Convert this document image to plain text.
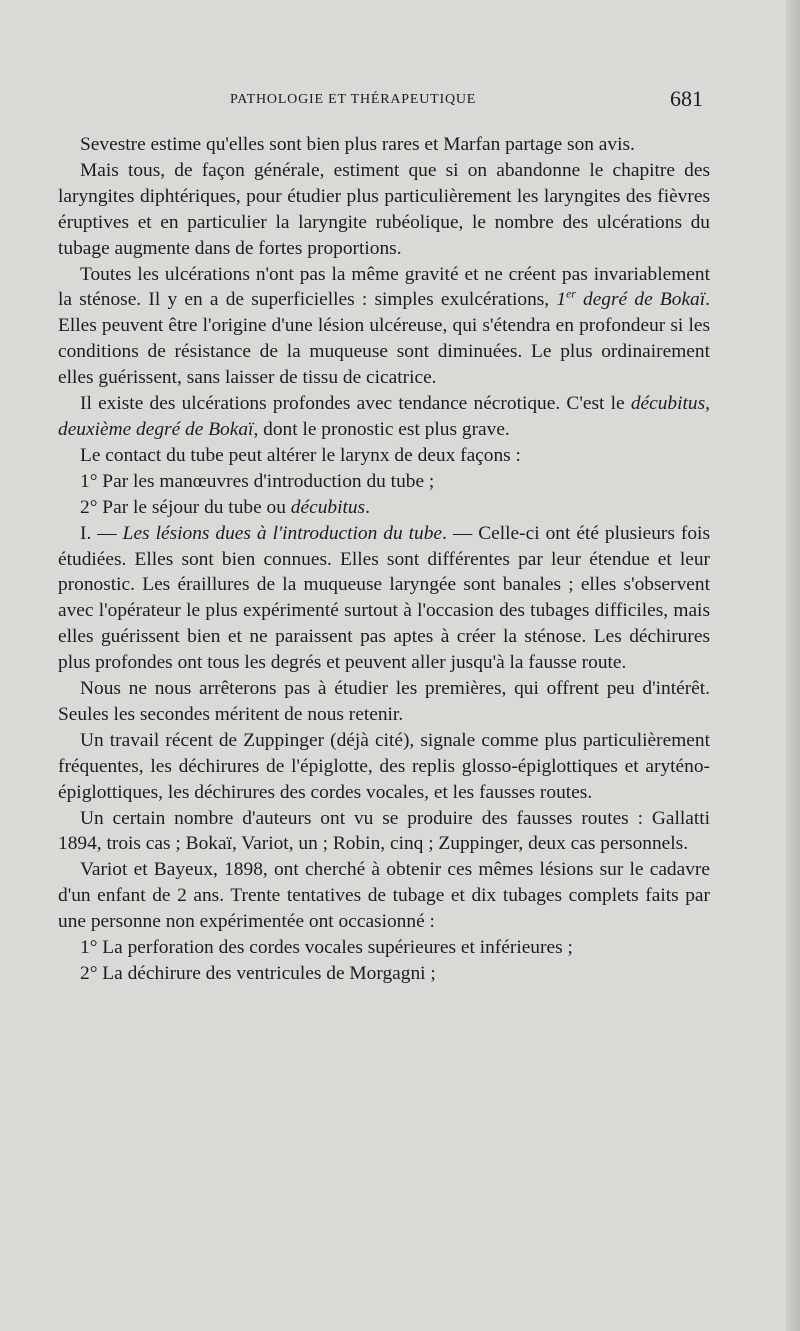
PATHOLOGIE ET THÉRAPEUTIQUE	681

Sevestre estime qu'elles sont bien plus rares et Marfan partage son avis.

Mais tous, de façon générale, estiment que si on abandonne le chapitre des laryngites diphtériques, pour étudier plus particulièrement les laryngites des fièvres éruptives et en particulier la laryngite rubéolique, le nombre des ulcérations du tubage augmente dans de fortes proportions.

Toutes les ulcérations n'ont pas la même gravité et ne créent pas invariablement la sténose. Il y en a de superficielles : simples exulcérations, 1er degré de Bokaï. Elles peuvent être l'origine d'une lésion ulcéreuse, qui s'étendra en profondeur si les conditions de résistance de la muqueuse sont diminuées. Le plus ordinairement elles guérissent, sans laisser de tissu de cicatrice.

Il existe des ulcérations profondes avec tendance nécrotique. C'est le décubitus, deuxième degré de Bokaï, dont le pronostic est plus grave.

Le contact du tube peut altérer le larynx de deux façons :

1° Par les manœuvres d'introduction du tube ;

2° Par le séjour du tube ou décubitus.

I. — Les lésions dues à l'introduction du tube. — Celle-ci ont été plusieurs fois étudiées. Elles sont bien connues. Elles sont différentes par leur étendue et leur pronostic. Les éraillures de la muqueuse laryngée sont banales ; elles s'observent avec l'opérateur le plus expérimenté surtout à l'occasion des tubages difficiles, mais elles guérissent bien et ne paraissent pas aptes à créer la sténose. Les déchirures plus profondes ont tous les degrés et peuvent aller jusqu'à la fausse route.

Nous ne nous arrêterons pas à étudier les premières, qui offrent peu d'intérêt. Seules les secondes méritent de nous retenir.

Un travail récent de Zuppinger (déjà cité), signale comme plus particulièrement fréquentes, les déchirures de l'épiglotte, des replis glosso-épiglottiques et aryténo-épiglottiques, les déchirures des cordes vocales, et les fausses routes.

Un certain nombre d'auteurs ont vu se produire des fausses routes : Gallatti 1894, trois cas ; Bokaï, Variot, un ; Robin, cinq ; Zuppinger, deux cas personnels.

Variot et Bayeux, 1898, ont cherché à obtenir ces mêmes lésions sur le cadavre d'un enfant de 2 ans. Trente tentatives de tubage et dix tubages complets faits par une personne non expérimentée ont occasionné :

1° La perforation des cordes vocales supérieures et inférieures ;

2° La déchirure des ventricules de Morgagni ;
